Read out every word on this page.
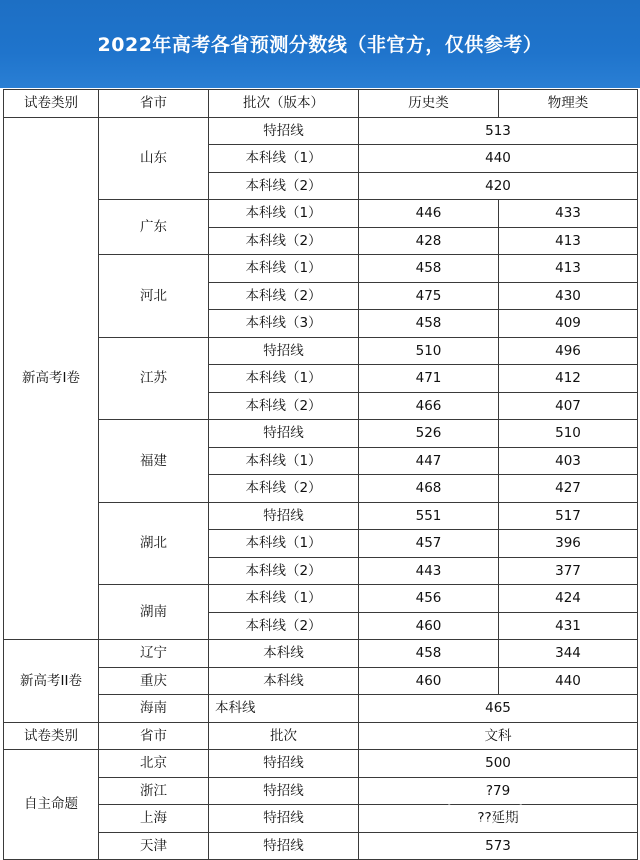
2022年高考各省预测分数线（非官方，仅供参考）
试卷类别	省市	批次（版本）	历史类	物理类
新高考I卷	山东	特招线	513	
		本科线（1）	440	
		本科线（2）	420	
	广东	本科线（1）	446	433
		本科线（2）	428	413
	河北	本科线（1）	458	413
		本科线（2）	475	430
		本科线（3）	458	409
	江苏	特招线	510	496
		本科线（1）	471	412
		本科线（2）	466	407
	福建	特招线	526	510
		本科线（1）	447	403
		本科线（2）	468	427
	湖北	特招线	551	517
		本科线（1）	457	396
		本科线（2）	443	377
	湖南	本科线（1）	456	424
		本科线（2）	460	431
新高考II卷	辽宁	本科线	458	344
	重庆	本科线	460	440
	海南	本科线	465	
试卷类别	省市	批次	文科	
自主命题	北京	特招线	500	
	浙江	特招线	?79	
	上海	特招线	??延期	
	天津	特招线	573	
